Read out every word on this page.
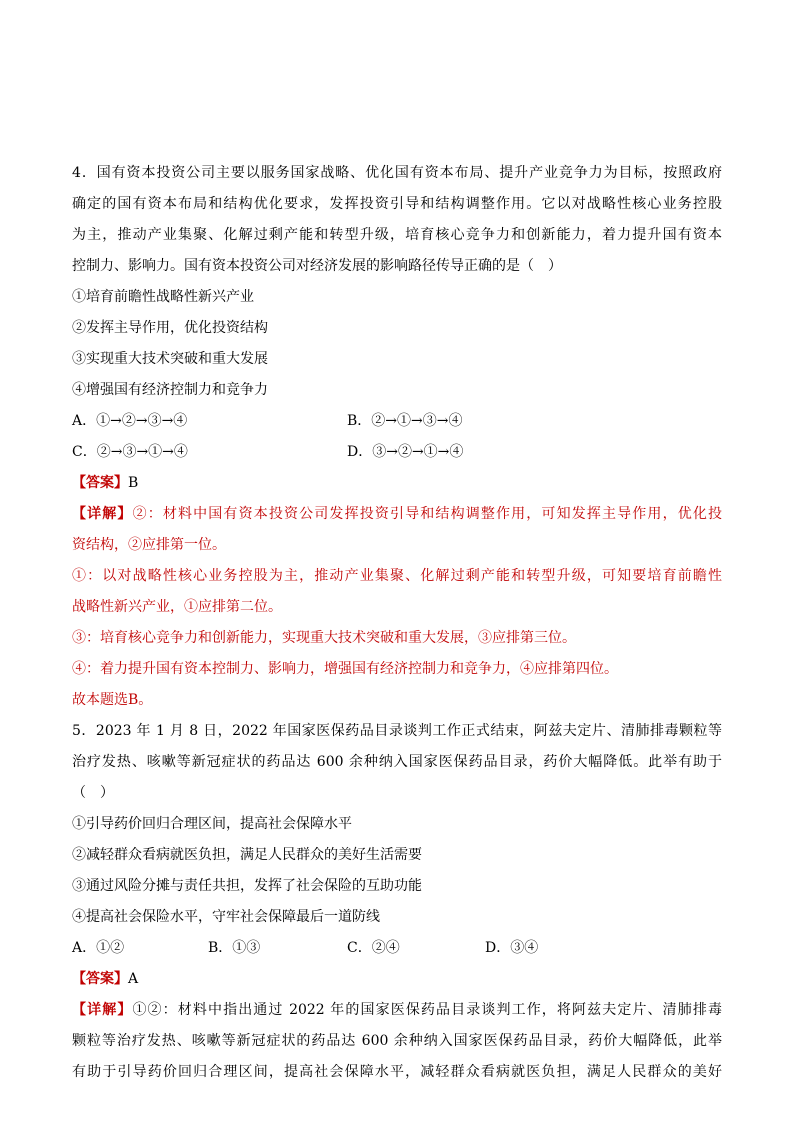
4．国有资本投资公司主要以服务国家战略、优化国有资本布局、提升产业竞争力为目标，按照政府
确定的国有资本布局和结构优化要求，发挥投资引导和结构调整作用。它以对战略性核心业务控股
为主，推动产业集聚、化解过剩产能和转型升级，培育核心竞争力和创新能力，着力提升国有资本
控制力、影响力。国有资本投资公司对经济发展的影响路径传导正确的是（　）
①培育前瞻性战略性新兴产业
②发挥主导作用，优化投资结构
③实现重大技术突破和重大发展
④增强国有经济控制力和竞争力
A．①→②→③→④	B．②→①→③→④
C．②→③→①→④	D．③→②→①→④
【答案】B
【详解】②：材料中国有资本投资公司发挥投资引导和结构调整作用，可知发挥主导作用，优化投
资结构，②应排第一位。
①：以对战略性核心业务控股为主，推动产业集聚、化解过剩产能和转型升级，可知要培育前瞻性
战略性新兴产业，①应排第二位。
③：培育核心竞争力和创新能力，实现重大技术突破和重大发展，③应排第三位。
④：着力提升国有资本控制力、影响力，增强国有经济控制力和竞争力，④应排第四位。
故本题选B。
5．2023 年 1 月 8 日，2022 年国家医保药品目录谈判工作正式结束，阿兹夫定片、清肺排毒颗粒等
治疗发热、咳嗽等新冠症状的药品达 600 余种纳入国家医保药品目录，药价大幅降低。此举有助于
（　）
①引导药价回归合理区间，提高社会保障水平
②减轻群众看病就医负担，满足人民群众的美好生活需要
③通过风险分摊与责任共担，发挥了社会保险的互助功能
④提高社会保险水平，守牢社会保障最后一道防线
A．①②	B．①③	C．②④	D．③④
【答案】A
【详解】①②：材料中指出通过 2022 年的国家医保药品目录谈判工作，将阿兹夫定片、清肺排毒
颗粒等治疗发热、咳嗽等新冠症状的药品达 600 余种纳入国家医保药品目录，药价大幅降低，此举
有助于引导药价回归合理区间，提高社会保障水平，减轻群众看病就医负担，满足人民群众的美好
